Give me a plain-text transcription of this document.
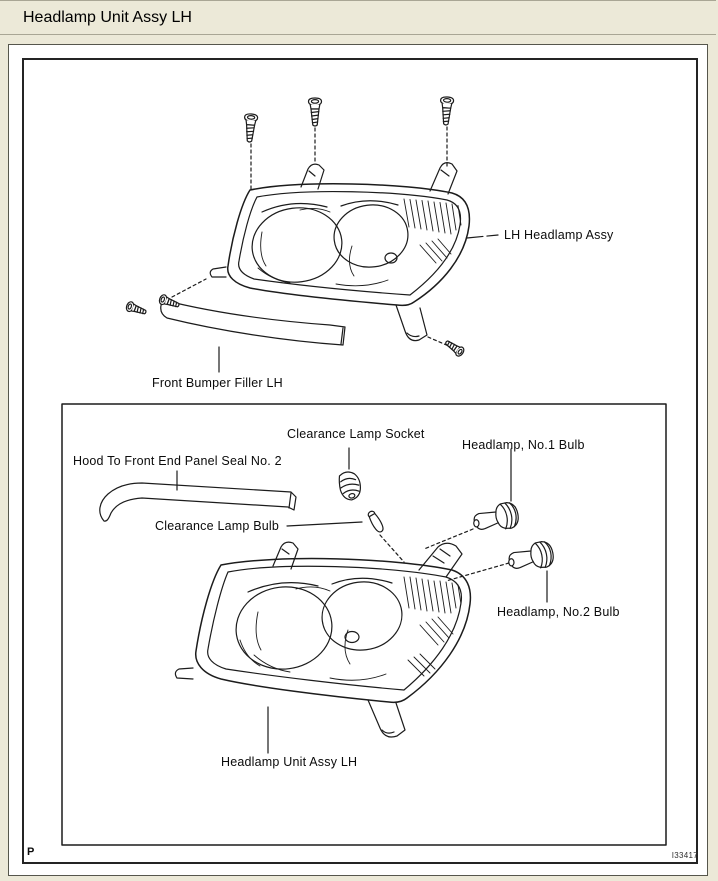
Headlamp Unit Assy LH
LH Headlamp Assy
Front Bumper Filler LH
Clearance Lamp Socket
Headlamp, No.1 Bulb
Hood To Front End Panel Seal No. 2
Clearance Lamp Bulb
Headlamp, No.2 Bulb
Headlamp Unit Assy LH
P	I33417
